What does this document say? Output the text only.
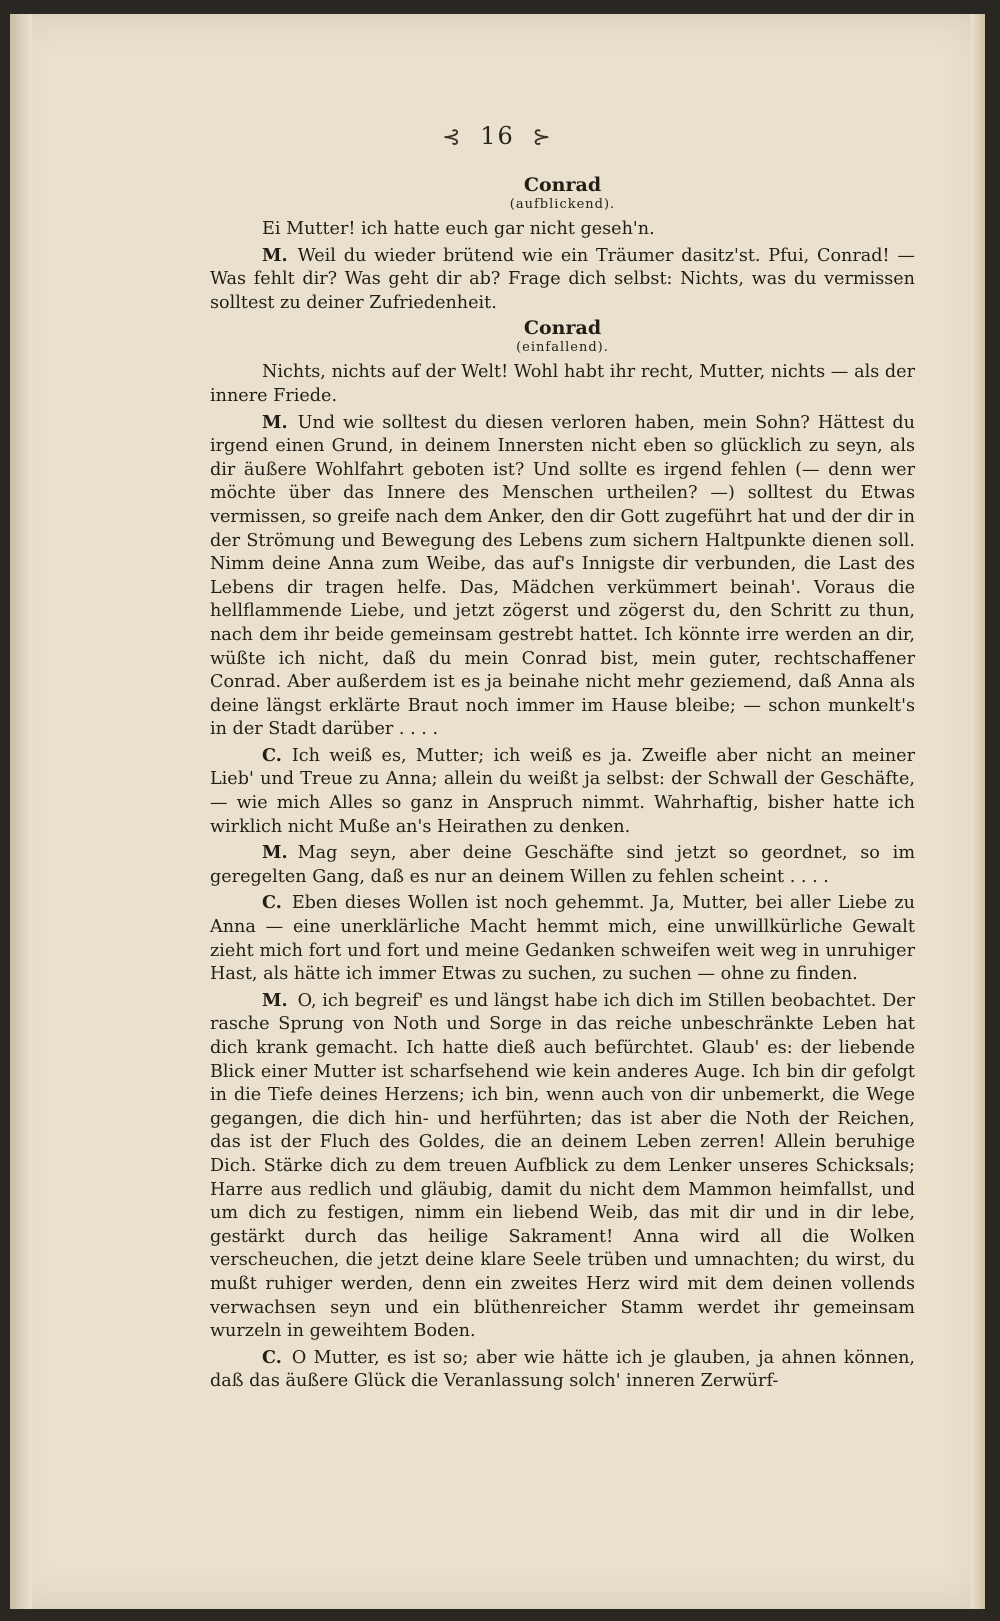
⊰ 16 ⊱
Conrad
(aufblickend).

Ei Mutter! ich hatte euch gar nicht geseh'n.

M. Weil du wieder brütend wie ein Träumer dasitz'st. Pfui, Conrad! — Was fehlt dir? Was geht dir ab? Frage dich selbst: Nichts, was du vermissen solltest zu deiner Zufriedenheit.

Conrad
(einfallend).

Nichts, nichts auf der Welt! Wohl habt ihr recht, Mutter, nichts — als der innere Friede.

M. Und wie solltest du diesen verloren haben, mein Sohn? Hättest du irgend einen Grund, in deinem Innersten nicht eben so glücklich zu seyn, als dir äußere Wohlfahrt geboten ist? Und sollte es irgend fehlen (— denn wer möchte über das Innere des Menschen urtheilen? —) solltest du Etwas vermissen, so greife nach dem Anker, den dir Gott zugeführt hat und der dir in der Strömung und Bewegung des Lebens zum sichern Haltpunkte dienen soll. Nimm deine Anna zum Weibe, das auf's Innigste dir verbunden, die Last des Lebens dir tragen helfe. Das, Mädchen verkümmert beinah'. Voraus die hellflammende Liebe, und jetzt zögerst und zögerst du, den Schritt zu thun, nach dem ihr beide gemeinsam gestrebt hattet. Ich könnte irre werden an dir, wüßte ich nicht, daß du mein Conrad bist, mein guter, rechtschaffener Conrad. Aber außerdem ist es ja beinahe nicht mehr geziemend, daß Anna als deine längst erklärte Braut noch immer im Hause bleibe; — schon munkelt's in der Stadt darüber . . . .

C. Ich weiß es, Mutter; ich weiß es ja. Zweifle aber nicht an meiner Lieb' und Treue zu Anna; allein du weißt ja selbst: der Schwall der Geschäfte, — wie mich Alles so ganz in Anspruch nimmt. Wahrhaftig, bisher hatte ich wirklich nicht Muße an's Heirathen zu denken.

M. Mag seyn, aber deine Geschäfte sind jetzt so geordnet, so im geregelten Gang, daß es nur an deinem Willen zu fehlen scheint . . . .

C. Eben dieses Wollen ist noch gehemmt. Ja, Mutter, bei aller Liebe zu Anna — eine unerklärliche Macht hemmt mich, eine unwillkürliche Gewalt zieht mich fort und fort und meine Gedanken schweifen weit weg in unruhiger Hast, als hätte ich immer Etwas zu suchen, zu suchen — ohne zu finden.

M. O, ich begreif' es und längst habe ich dich im Stillen beobachtet. Der rasche Sprung von Noth und Sorge in das reiche unbeschränkte Leben hat dich krank gemacht. Ich hatte dieß auch befürchtet. Glaub' es: der liebende Blick einer Mutter ist scharfsehend wie kein anderes Auge. Ich bin dir gefolgt in die Tiefe deines Herzens; ich bin, wenn auch von dir unbemerkt, die Wege gegangen, die dich hin- und herführten; das ist aber die Noth der Reichen, das ist der Fluch des Goldes, die an deinem Leben zerren! Allein beruhige Dich. Stärke dich zu dem treuen Aufblick zu dem Lenker unseres Schicksals; Harre aus redlich und gläubig, damit du nicht dem Mammon heimfallst, und um dich zu festigen, nimm ein liebend Weib, das mit dir und in dir lebe, gestärkt durch das heilige Sakrament! Anna wird all die Wolken verscheuchen, die jetzt deine klare Seele trüben und umnachten; du wirst, du mußt ruhiger werden, denn ein zweites Herz wird mit dem deinen vollends verwachsen seyn und ein blüthenreicher Stamm werdet ihr gemeinsam wurzeln in geweihtem Boden.

C. O Mutter, es ist so; aber wie hätte ich je glauben, ja ahnen können, daß das äußere Glück die Veranlassung solch' inneren Zerwürf-
